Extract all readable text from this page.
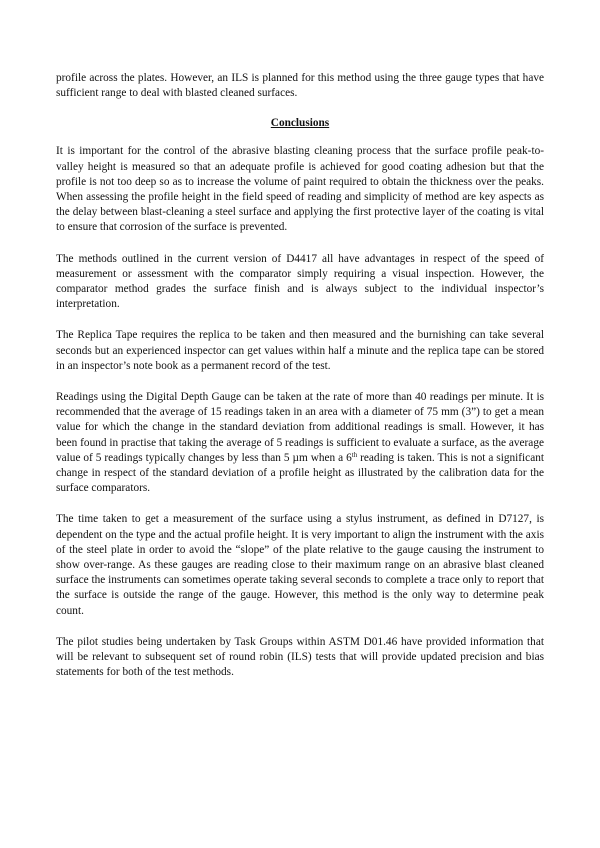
profile across the plates. However, an ILS is planned for this method using the three gauge types that have sufficient range to deal with blasted cleaned surfaces.

Conclusions

It is important for the control of the abrasive blasting cleaning process that the surface profile peak-to-valley height is measured so that an adequate profile is achieved for good coating adhesion but that the profile is not too deep so as to increase the volume of paint required to obtain the thickness over the peaks. When assessing the profile height in the field speed of reading and simplicity of method are key aspects as the delay between blast-cleaning a steel surface and applying the first protective layer of the coating is vital to ensure that corrosion of the surface is prevented.

The methods outlined in the current version of D4417 all have advantages in respect of the speed of measurement or assessment with the comparator simply requiring a visual inspection. However, the comparator method grades the surface finish and is always subject to the individual inspector’s interpretation.

The Replica Tape requires the replica to be taken and then measured and the burnishing can take several seconds but an experienced inspector can get values within half a minute and the replica tape can be stored in an inspector’s note book as a permanent record of the test.

Readings using the Digital Depth Gauge can be taken at the rate of more than 40 readings per minute. It is recommended that the average of 15 readings taken in an area with a diameter of 75 mm (3”) to get a mean value for which the change in the standard deviation from additional readings is small. However, it has been found in practise that taking the average of 5 readings is sufficient to evaluate a surface, as the average value of 5 readings typically changes by less than 5 µm when a 6th reading is taken. This is not a significant change in respect of the standard deviation of a profile height as illustrated by the calibration data for the surface comparators.

The time taken to get a measurement of the surface using a stylus instrument, as defined in D7127, is dependent on the type and the actual profile height. It is very important to align the instrument with the axis of the steel plate in order to avoid the “slope” of the plate relative to the gauge causing the instrument to show over-range. As these gauges are reading close to their maximum range on an abrasive blast cleaned surface the instruments can sometimes operate taking several seconds to complete a trace only to report that the surface is outside the range of the gauge. However, this method is the only way to determine peak count.

The pilot studies being undertaken by Task Groups within ASTM D01.46 have provided information that will be relevant to subsequent set of round robin (ILS) tests that will provide updated precision and bias statements for both of the test methods.
